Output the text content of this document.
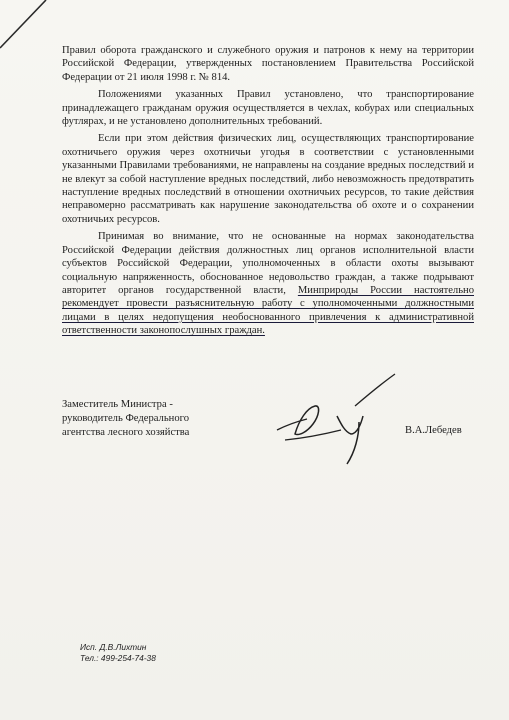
Правил оборота гражданского и служебного оружия и патронов к нему на территории Российской Федерации, утвержденных постановлением Правительства Российской Федерации от 21 июля 1998 г. № 814.

Положениями указанных Правил установлено, что транспортирование принадлежащего гражданам оружия осуществляется в чехлах, кобурах или специальных футлярах, и не установлено дополнительных требований.

Если при этом действия физических лиц, осуществляющих транспортирование охотничьего оружия через охотничьи угодья в соответствии с установленными указанными Правилами требованиями, не направлены на создание вредных последствий и не влекут за собой наступление вредных последствий, либо невозможность предотвратить наступление вредных последствий в отношении охотничьих ресурсов, то такие действия неправомерно рассматривать как нарушение законодательства об охоте и о сохранении охотничьих ресурсов.

Принимая во внимание, что не основанные на нормах законодательства Российской Федерации действия должностных лиц органов исполнительной власти субъектов Российской Федерации, уполномоченных в области охоты вызывают социальную напряженность, обоснованное недовольство граждан, а также подрывают авторитет органов государственной власти, Минприроды России настоятельно рекомендует провести разъяснительную работу с уполномоченными должностными лицами в целях недопущения необоснованного привлечения к административной ответственности законопослушных граждан.

Заместитель Министра -
руководитель Федерального
агентства лесного хозяйства	В.А.Лебедев
Исп. Д.В.Лихтин
Тел.: 499-254-74-38
